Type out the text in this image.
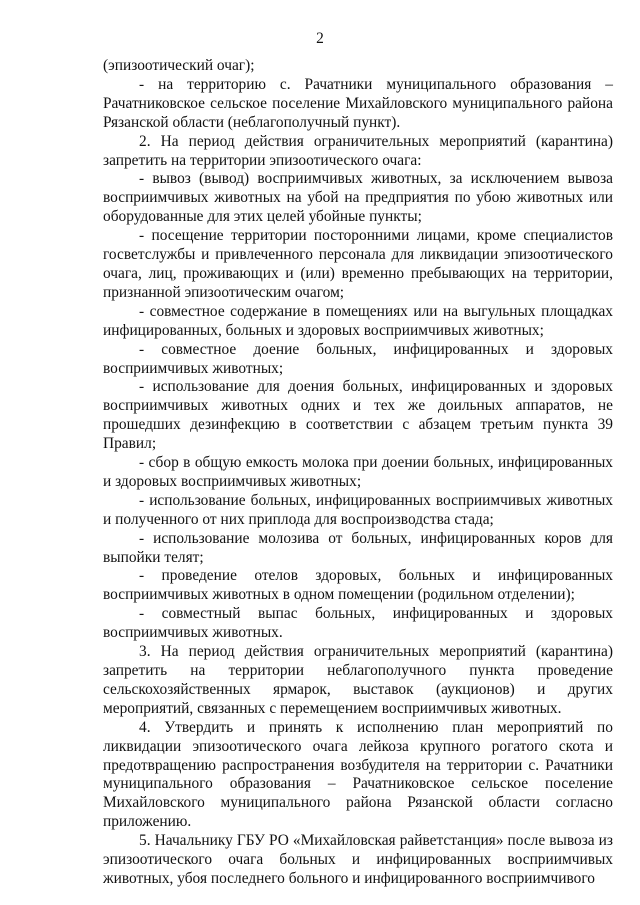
2

(эпизоотический очаг);

- на территорию с. Рачатники муниципального образования – Рачатниковское сельское поселение Михайловского муниципального района Рязанской области (неблагополучный пункт).

2. На период действия ограничительных мероприятий (карантина) запретить на территории эпизоотического очага:

- вывоз (вывод) восприимчивых животных, за исключением вывоза восприимчивых животных на убой на предприятия по убою животных или оборудованные для этих целей убойные пункты;

- посещение территории посторонними лицами, кроме специалистов госветслужбы и привлеченного персонала для ликвидации эпизоотического очага, лиц, проживающих и (или) временно пребывающих на территории, признанной эпизоотическим очагом;

- совместное содержание в помещениях или на выгульных площадках инфицированных, больных и здоровых восприимчивых животных;

- совместное доение больных, инфицированных и здоровых восприимчивых животных;

- использование для доения больных, инфицированных и здоровых восприимчивых животных одних и тех же доильных аппаратов, не прошедших дезинфекцию в соответствии с абзацем третьим пункта 39 Правил;

- сбор в общую емкость молока при доении больных, инфицированных и здоровых восприимчивых животных;

- использование больных, инфицированных восприимчивых животных и полученного от них приплода для воспроизводства стада;

- использование молозива от больных, инфицированных коров для выпойки телят;

- проведение отелов здоровых, больных и инфицированных восприимчивых животных в одном помещении (родильном отделении);

- совместный выпас больных, инфицированных и здоровых восприимчивых животных.

3. На период действия ограничительных мероприятий (карантина) запретить на территории неблагополучного пункта проведение сельскохозяйственных ярмарок, выставок (аукционов) и других мероприятий, связанных с перемещением восприимчивых животных.

4. Утвердить и принять к исполнению план мероприятий по ликвидации эпизоотического очага лейкоза крупного рогатого скота и предотвращению распространения возбудителя на территории с. Рачатники муниципального образования – Рачатниковское сельское поселение Михайловского муниципального района Рязанской области согласно приложению.

5. Начальнику ГБУ РО «Михайловская райветстанция» после вывоза из эпизоотического очага больных и инфицированных восприимчивых животных, убоя последнего больного и инфицированного восприимчивого
